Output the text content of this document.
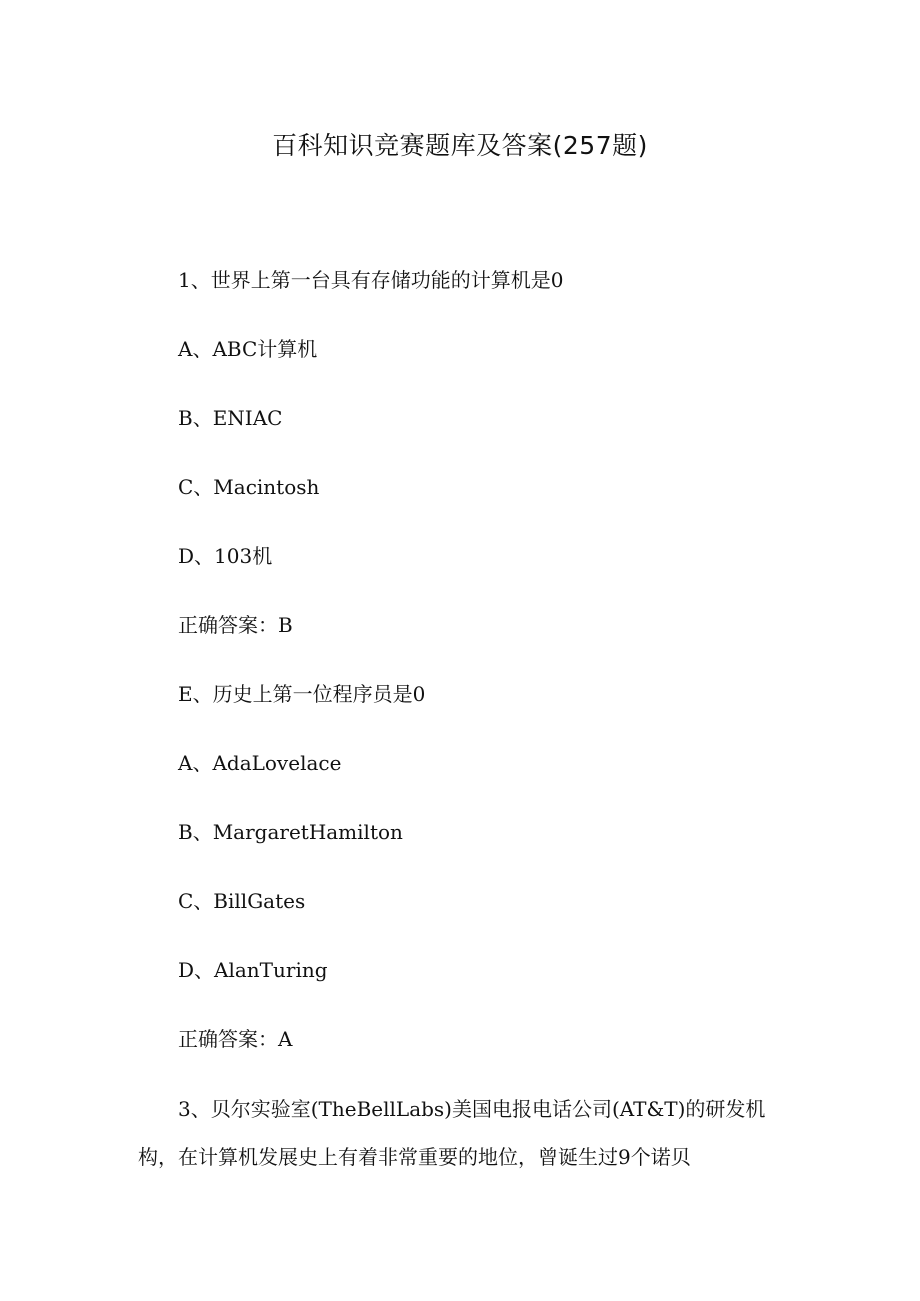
百科知识竞赛题库及答案(257题)

1、世界上第一台具有存储功能的计算机是0

A、ABC计算机

B、ENIAC

C、Macintosh

D、103机

正确答案：B

E、历史上第一位程序员是0

A、AdaLovelace

B、MargaretHamilton

C、BillGates

D、AlanTuring

正确答案：A

3、贝尔实验室(TheBellLabs)美国电报电话公司(AT&T)的研发机构，在计算机发展史上有着非常重要的地位，曾诞生过9个诺贝
